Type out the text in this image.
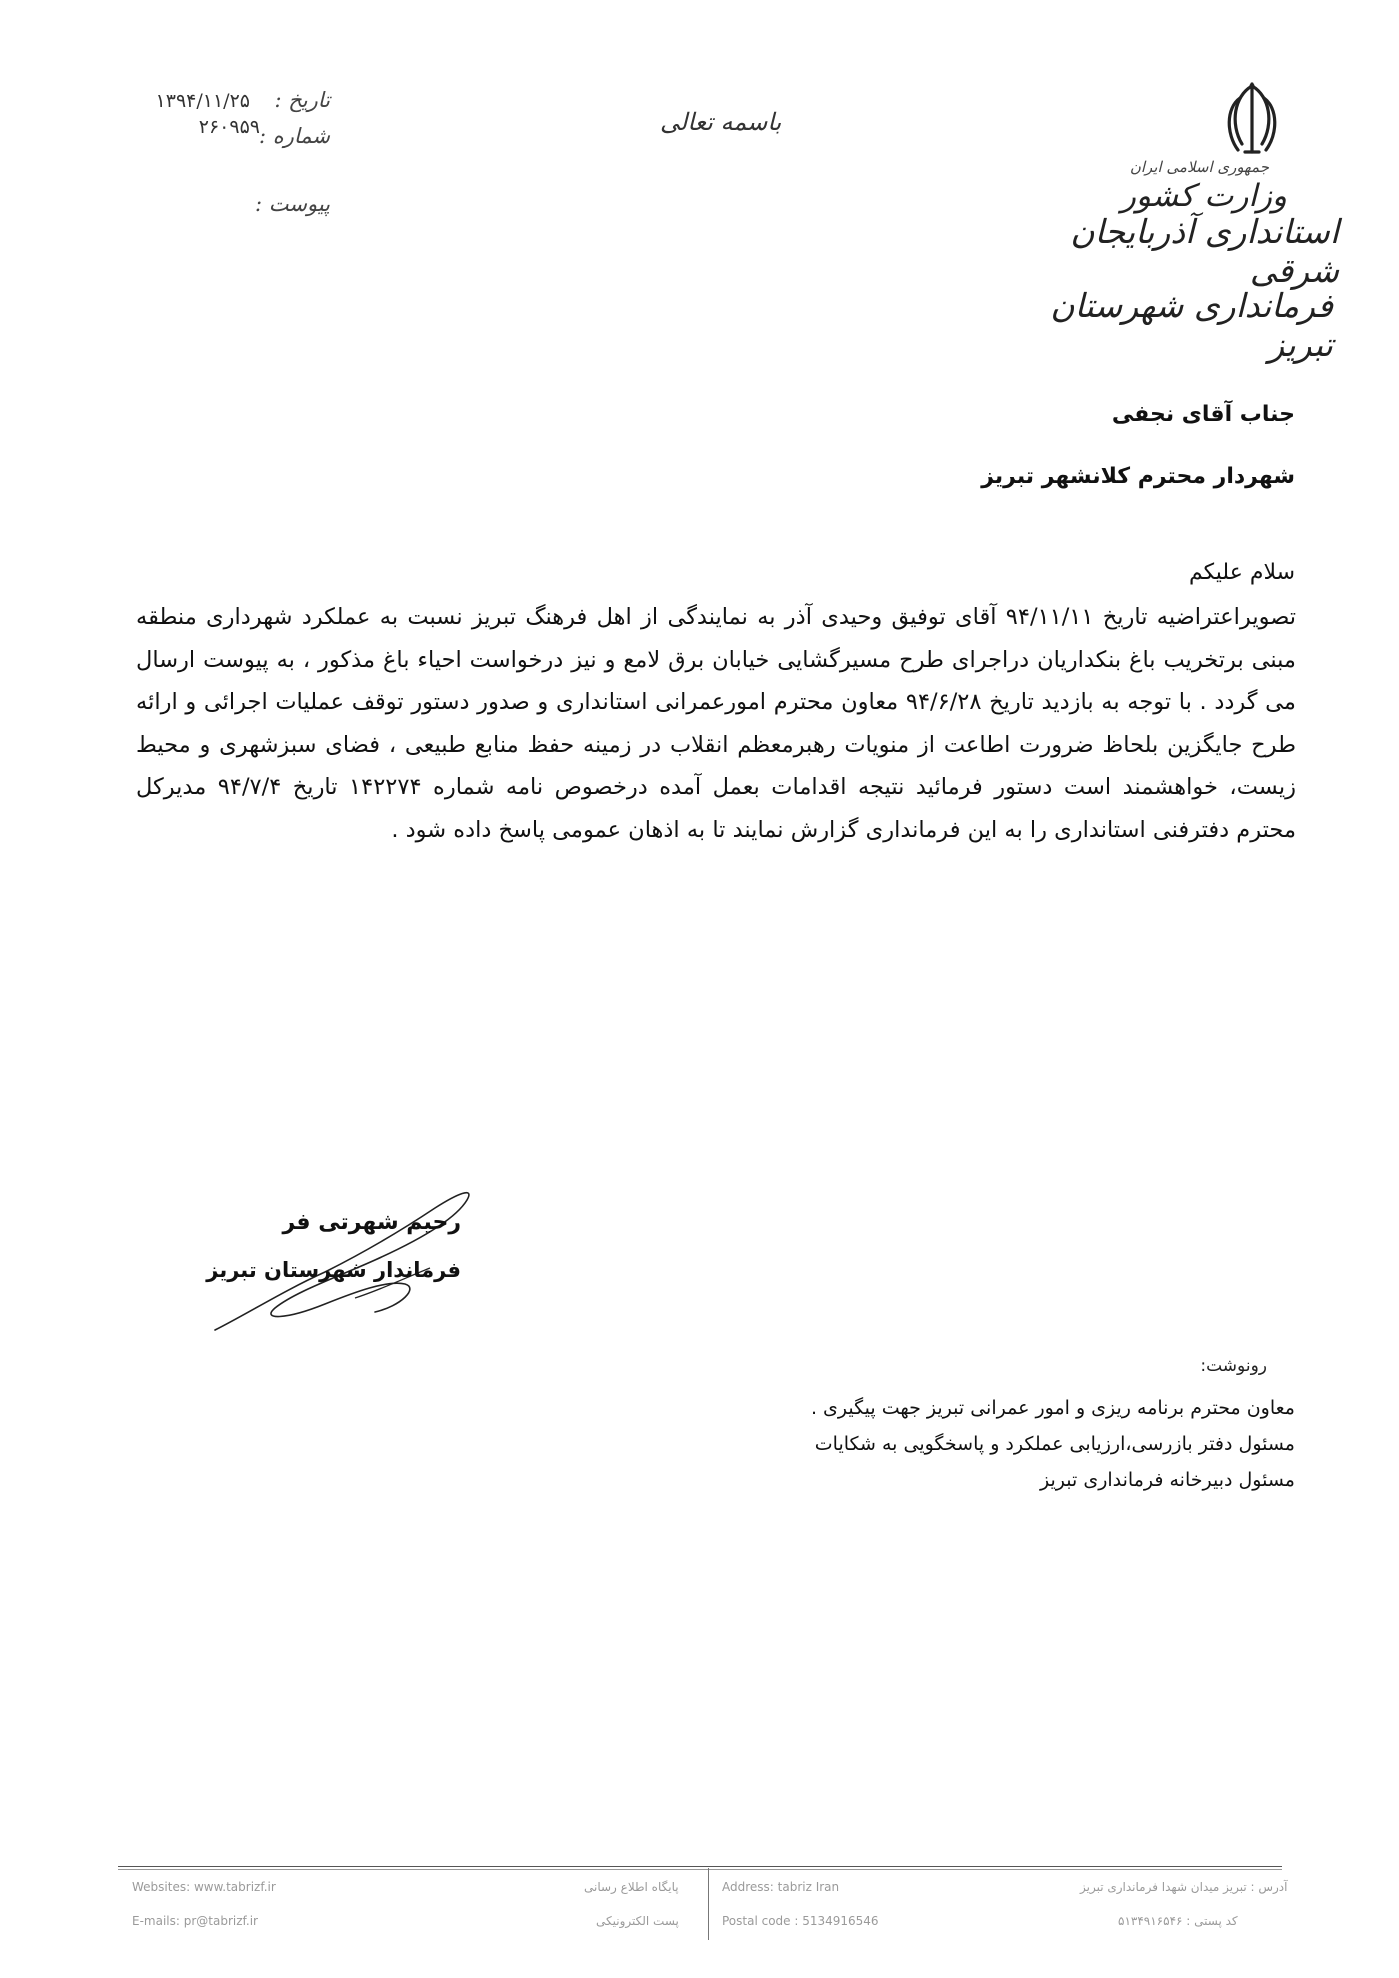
تاریخ :
۱۳۹۴/۱۱/۲۵
شماره :
۲۶۰۹۵۹
پیوست :
باسمه تعالی
جمهوری اسلامی ایران
وزارت کشور
استانداری آذربایجان شرقی
فرمانداری شهرستان تبریز
جناب آقای نجفی
شهردار محترم کلانشهر تبریز
سلام علیکم
تصویراعتراضیه تاریخ ۹۴/۱۱/۱۱ آقای توفیق وحیدی آذر به نمایندگی از اهل فرهنگ تبریز نسبت به عملکرد شهرداری منطقه مبنی برتخریب باغ بنکداریان دراجرای طرح مسیرگشایی خیابان برق لامع و نیز درخواست احیاء باغ مذکور ، به پیوست ارسال می گردد . با توجه به بازدید تاریخ ۹۴/۶/۲۸ معاون محترم امورعمرانی استانداری و صدور دستور توقف عملیات اجرائی و ارائه طرح جایگزین بلحاظ ضرورت اطاعت از منویات رهبرمعظم انقلاب در زمینه حفظ منابع طبیعی ، فضای سبزشهری و محیط زیست، خواهشمند است دستور فرمائید نتیجه اقدامات بعمل آمده درخصوص نامه شماره ۱۴۲۲۷۴ تاریخ ۹۴/۷/۴ مدیرکل محترم دفترفنی استانداری را به این فرمانداری گزارش نمایند تا به اذهان عمومی پاسخ داده شود .
رحیم شهرتی فر
فرماندار شهرستان تبریز
رونوشت:
معاون محترم برنامه ریزی و امور عمرانی تبریز جهت پیگیری .
مسئول دفتر بازرسی،ارزیابی عملکرد و پاسخگویی به شکایات
مسئول دبیرخانه فرمانداری تبریز
Websites: www.tabrizf.ir
E-mails: pr@tabrizf.ir
پایگاه اطلاع رسانی
پست الکترونیکی
Address: tabriz Iran
Postal code : 5134916546
آدرس : تبریز میدان شهدا فرمانداری تبریز
کد پستی : ۵۱۳۴۹۱۶۵۴۶
